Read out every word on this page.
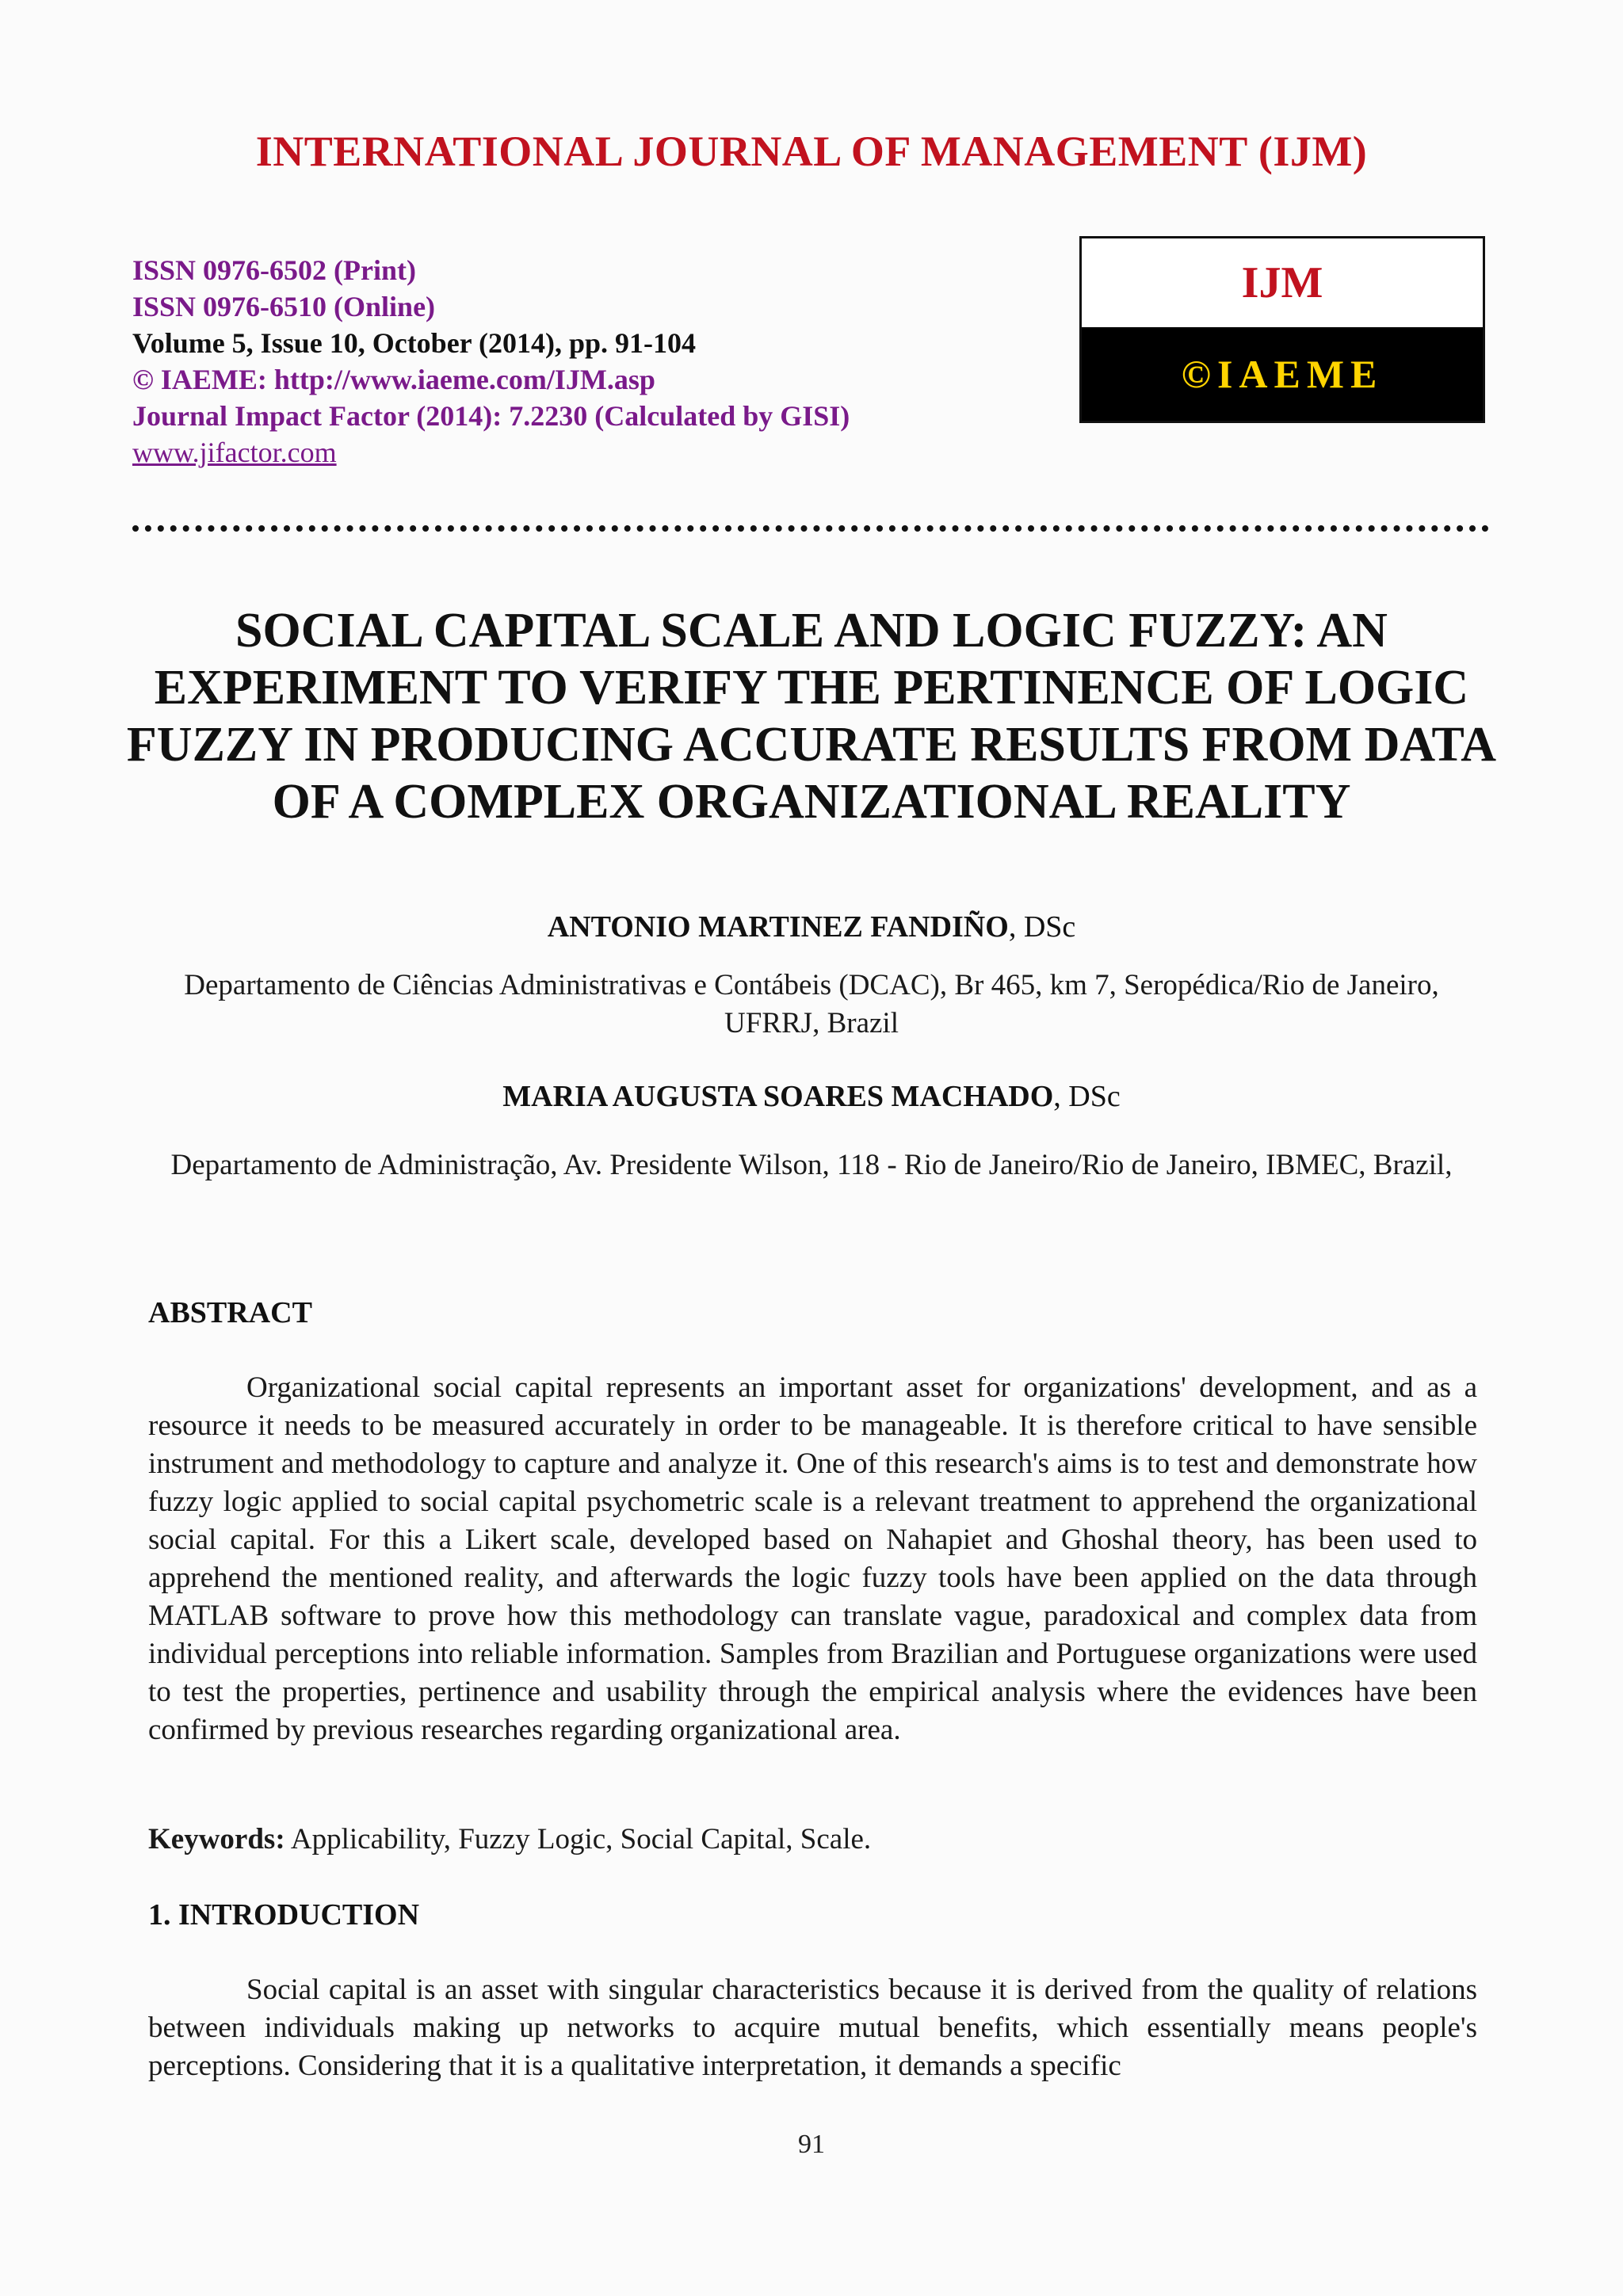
INTERNATIONAL JOURNAL OF MANAGEMENT (IJM)
ISSN 0976-6502 (Print)
ISSN 0976-6510 (Online)
Volume 5, Issue 10, October (2014), pp. 91-104
© IAEME: http://www.iaeme.com/IJM.asp
Journal Impact Factor (2014): 7.2230 (Calculated by GISI)
www.jifactor.com
IJM
©IAEME
SOCIAL CAPITAL SCALE AND LOGIC FUZZY: AN EXPERIMENT TO VERIFY THE PERTINENCE OF LOGIC FUZZY IN PRODUCING ACCURATE RESULTS FROM DATA OF A COMPLEX ORGANIZATIONAL REALITY
ANTONIO MARTINEZ FANDIÑO, DSc
Departamento de Ciências Administrativas e Contábeis (DCAC), Br 465, km 7, Seropédica/Rio de Janeiro, UFRRJ, Brazil
MARIA AUGUSTA SOARES MACHADO, DSc
Departamento de Administração, Av. Presidente Wilson, 118 - Rio de Janeiro/Rio de Janeiro, IBMEC, Brazil,
ABSTRACT
Organizational social capital represents an important asset for organizations' development, and as a resource it needs to be measured accurately in order to be manageable. It is therefore critical to have sensible instrument and methodology to capture and analyze it. One of this research's aims is to test and demonstrate how fuzzy logic applied to social capital psychometric scale is a relevant treatment to apprehend the organizational social capital. For this a Likert scale, developed based on Nahapiet and Ghoshal theory, has been used to apprehend the mentioned reality, and afterwards the logic fuzzy tools have been applied on the data through MATLAB software to prove how this methodology can translate vague, paradoxical and complex data from individual perceptions into reliable information. Samples from Brazilian and Portuguese organizations were used to test the properties, pertinence and usability through the empirical analysis where the evidences have been confirmed by previous researches regarding organizational area.
Keywords: Applicability, Fuzzy Logic, Social Capital, Scale.
1. INTRODUCTION
Social capital is an asset with singular characteristics because it is derived from the quality of relations between individuals making up networks to acquire mutual benefits, which essentially means people's perceptions. Considering that it is a qualitative interpretation, it demands a specific
91
